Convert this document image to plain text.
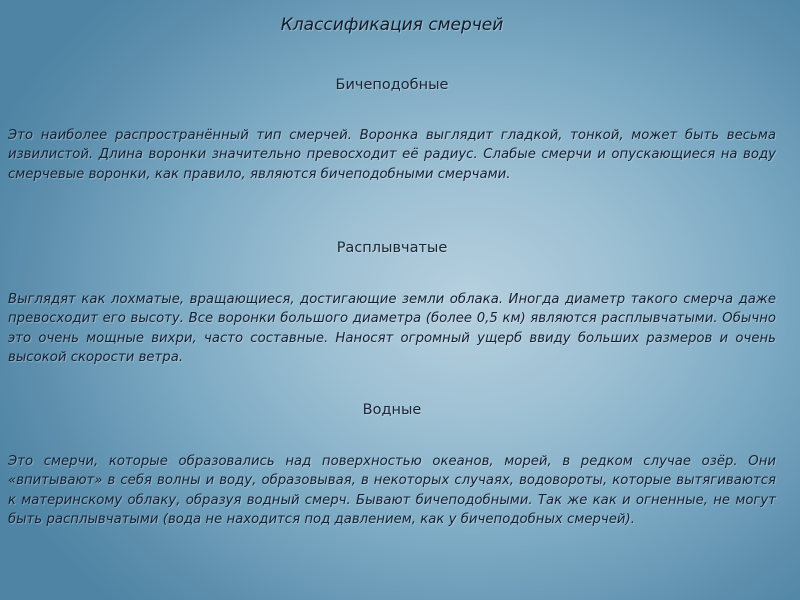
Классификация смерчей
Бичеподобные
Это наиболее распространённый тип смерчей. Воронка выглядит гладкой, тонкой, может быть весьма извилистой. Длина воронки значительно превосходит её радиус. Слабые смерчи и опускающиеся на воду смерчевые воронки, как правило, являются бичеподобными смерчами.
Расплывчатые
Выглядят как лохматые, вращающиеся, достигающие земли облака. Иногда диаметр такого смерча даже превосходит его высоту. Все воронки большого диаметра (более 0,5 км) являются расплывчатыми. Обычно это очень мощные вихри, часто составные. Наносят огромный ущерб ввиду больших размеров и очень высокой скорости ветра.
Водные
Это смерчи, которые образовались над поверхностью океанов, морей, в редком случае озёр. Они «впитывают» в себя волны и воду, образовывая, в некоторых случаях, водовороты, которые вытягиваются к материнскому облаку, образуя водный смерч. Бывают бичеподобными. Так же как и огненные, не могут быть расплывчатыми (вода не находится под давлением, как у бичеподобных смерчей).
